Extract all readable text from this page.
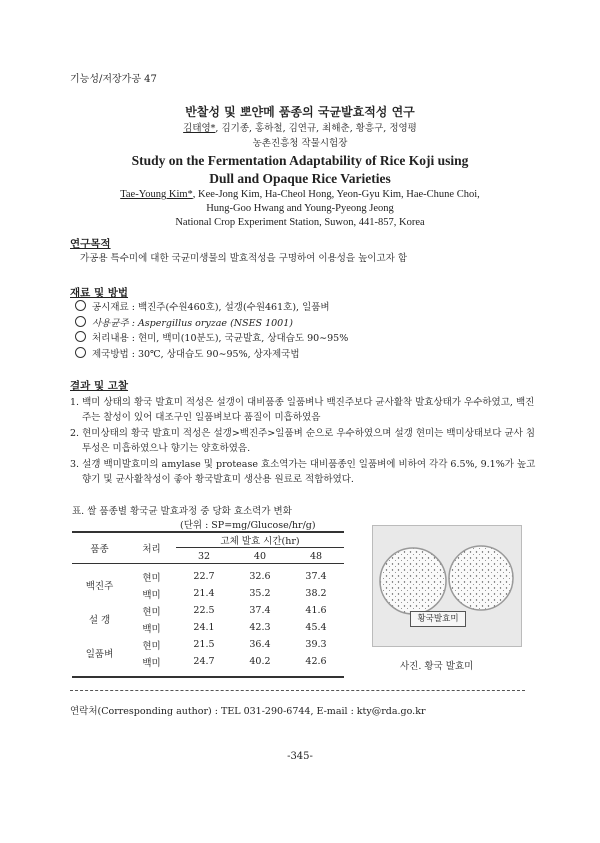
기능성/저장가공 47
반찰성 및 뽀얀메 품종의 국균발효적성 연구
김태영*, 김기종, 홍하철, 김연규, 최해춘, 황흥구, 정영평
농촌진흥청 작물시험장
Study on the Fermentation Adaptability of Rice Koji using
Dull and Opaque Rice Varieties
Tae-Young Kim*, Kee-Jong Kim, Ha-Cheol Hong, Yeon-Gyu Kim, Hae-Chune Choi,
Hung-Goo Hwang and Young-Pyeong Jeong
National Crop Experiment Station, Suwon, 441-857, Korea
연구목적
가공용 특수미에 대한 국균미생물의 발효적성을 구명하여 이용성을 높이고자 함
재료 및 방법
공시재료 : 백진주(수원460호), 설갱(수원461호), 일품벼
사용균주 : Aspergillus oryzae (NSES 1001)
처리내용 : 현미, 백미(10분도), 국균발효, 상대습도 90∼95%
제국방법 : 30℃, 상대습도 90∼95%, 상자제국법
결과 및 고찰
1. 백미 상태의 황국 발효미 적성은 설갱이 대비품종 일품벼나 백진주보다 균사활착 발효상태가 우수하였고, 백진주는 찰성이 있어 대조구인 일품벼보다 품질이 미흡하였음
2. 현미상태의 황국 발효미 적성은 설갱>백진주>일품벼 순으로 우수하였으며 설갱 현미는 백미상태보다 균사 침투성은 미흡하였으나 향기는 양호하였음.
3. 설갱 백미발효미의 amylase 및 protease 효소역가는 대비품종인 일품벼에 비하여 각각 6.5%, 9.1%가 높고 향기 및 균사활착성이 좋아 황국발효미 생산용 원료로 적합하였다.
표. 쌀 품종별 황국균 발효과정 중 당화 효소력가 변화
(단위 : SP=mg/Glucose/hr/g)
품종	처리	고체 발효 시간(hr)		
		32	40	48

백진주	현미	22.7	32.6	37.4
	백미	21.4	35.2	38.2
설 갱	현미	22.5	37.4	41.6
	백미	24.1	42.3	45.4
일품벼	현미	21.5	36.4	39.3
	백미	24.7	40.2	42.6
황국발효미
사진. 황국 발효미
연락처(Corresponding author) : TEL 031-290-6744, E-mail : kty@rda.go.kr
-345-
